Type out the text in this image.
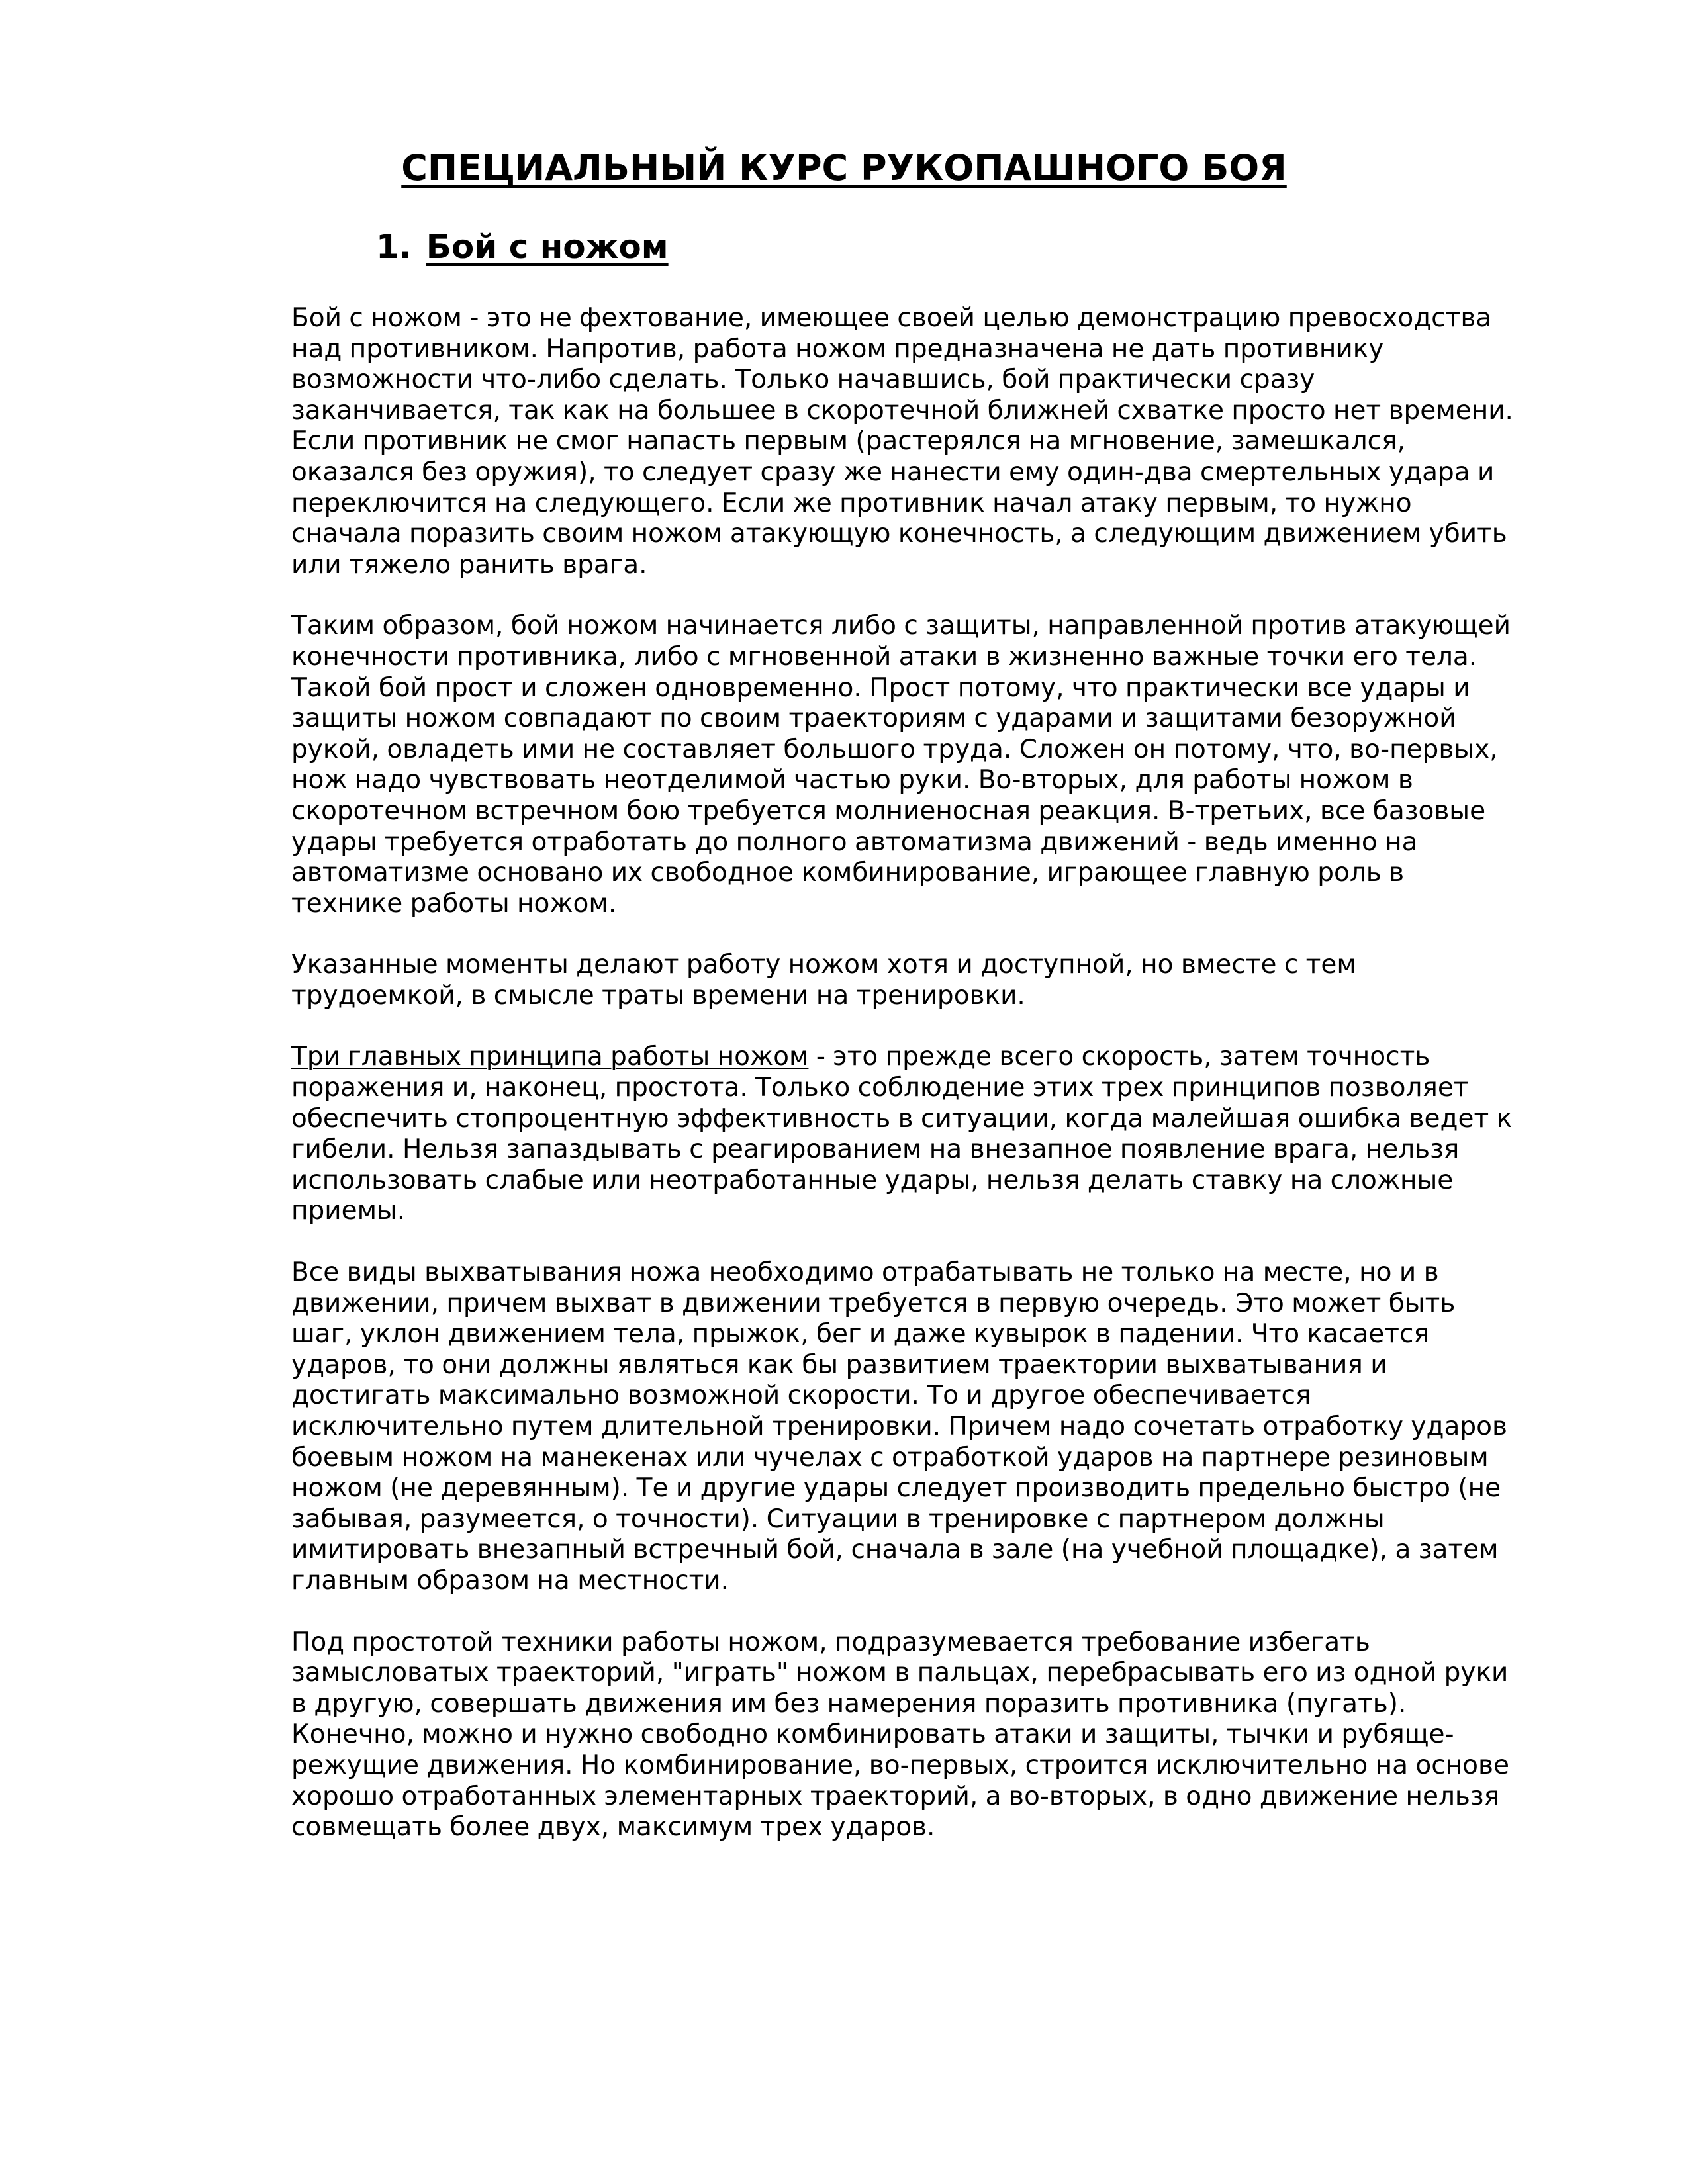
СПЕЦИАЛЬНЫЙ КУРС РУКОПАШНОГО БОЯ
1. Бой с ножом

Бой с ножом - это не фехтование, имеющее своей целью демонстрацию превосходства
над противником. Напротив, работа ножом предназначена не дать противнику
возможности что-либо сделать. Только начавшись, бой практически сразу
заканчивается, так как на большее в скоротечной ближней схватке просто нет времени.
Если противник не смог напасть первым (растерялся на мгновение, замешкался,
оказался без оружия), то следует сразу же нанести ему один-два смертельных удара и
переключится на следующего. Если же противник начал атаку первым, то нужно
сначала поразить своим ножом атакующую конечность, а следующим движением убить
или тяжело ранить врага.

Таким образом, бой ножом начинается либо с защиты, направленной против атакующей
конечности противника, либо с мгновенной атаки в жизненно важные точки его тела.
Такой бой прост и сложен одновременно. Прост потому, что практически все удары и
защиты ножом совпадают по своим траекториям с ударами и защитами безоружной
рукой, овладеть ими не составляет большого труда. Сложен он потому, что, во-первых,
нож надо чувствовать неотделимой частью руки. Во-вторых, для работы ножом в
скоротечном встречном бою требуется молниеносная реакция. В-третьих, все базовые
удары требуется отработать до полного автоматизма движений - ведь именно на
автоматизме основано их свободное комбинирование, играющее главную роль в
технике работы ножом.

Указанные моменты делают работу ножом хотя и доступной, но вместе с тем
трудоемкой, в смысле траты времени на тренировки.

Три главных принципа работы ножом - это прежде всего скорость, затем точность
поражения и, наконец, простота. Только соблюдение этих трех принципов позволяет
обеспечить стопроцентную эффективность в ситуации, когда малейшая ошибка ведет к
гибели. Нельзя запаздывать с реагированием на внезапное появление врага, нельзя
использовать слабые или неотработанные удары, нельзя делать ставку на сложные
приемы.

Все виды выхватывания ножа необходимо отрабатывать не только на месте, но и в
движении, причем выхват в движении требуется в первую очередь. Это может быть
шаг, уклон движением тела, прыжок, бег и даже кувырок в падении. Что касается
ударов, то они должны являться как бы развитием траектории выхватывания и
достигать максимально возможной скорости. То и другое обеспечивается
исключительно путем длительной тренировки. Причем надо сочетать отработку ударов
боевым ножом на манекенах или чучелах с отработкой ударов на партнере резиновым
ножом (не деревянным). Те и другие удары следует производить предельно быстро (не
забывая, разумеется, о точности). Ситуации в тренировке с партнером должны
имитировать внезапный встречный бой, сначала в зале (на учебной площадке), а затем
главным образом на местности.

Под простотой техники работы ножом, подразумевается требование избегать
замысловатых траекторий, "играть" ножом в пальцах, перебрасывать его из одной руки
в другую, совершать движения им без намерения поразить противника (пугать).
Конечно, можно и нужно свободно комбинировать атаки и защиты, тычки и рубяще-
режущие движения. Но комбинирование, во-первых, строится исключительно на основе
хорошо отработанных элементарных траекторий, а во-вторых, в одно движение нельзя
совмещать более двух, максимум трех ударов.
